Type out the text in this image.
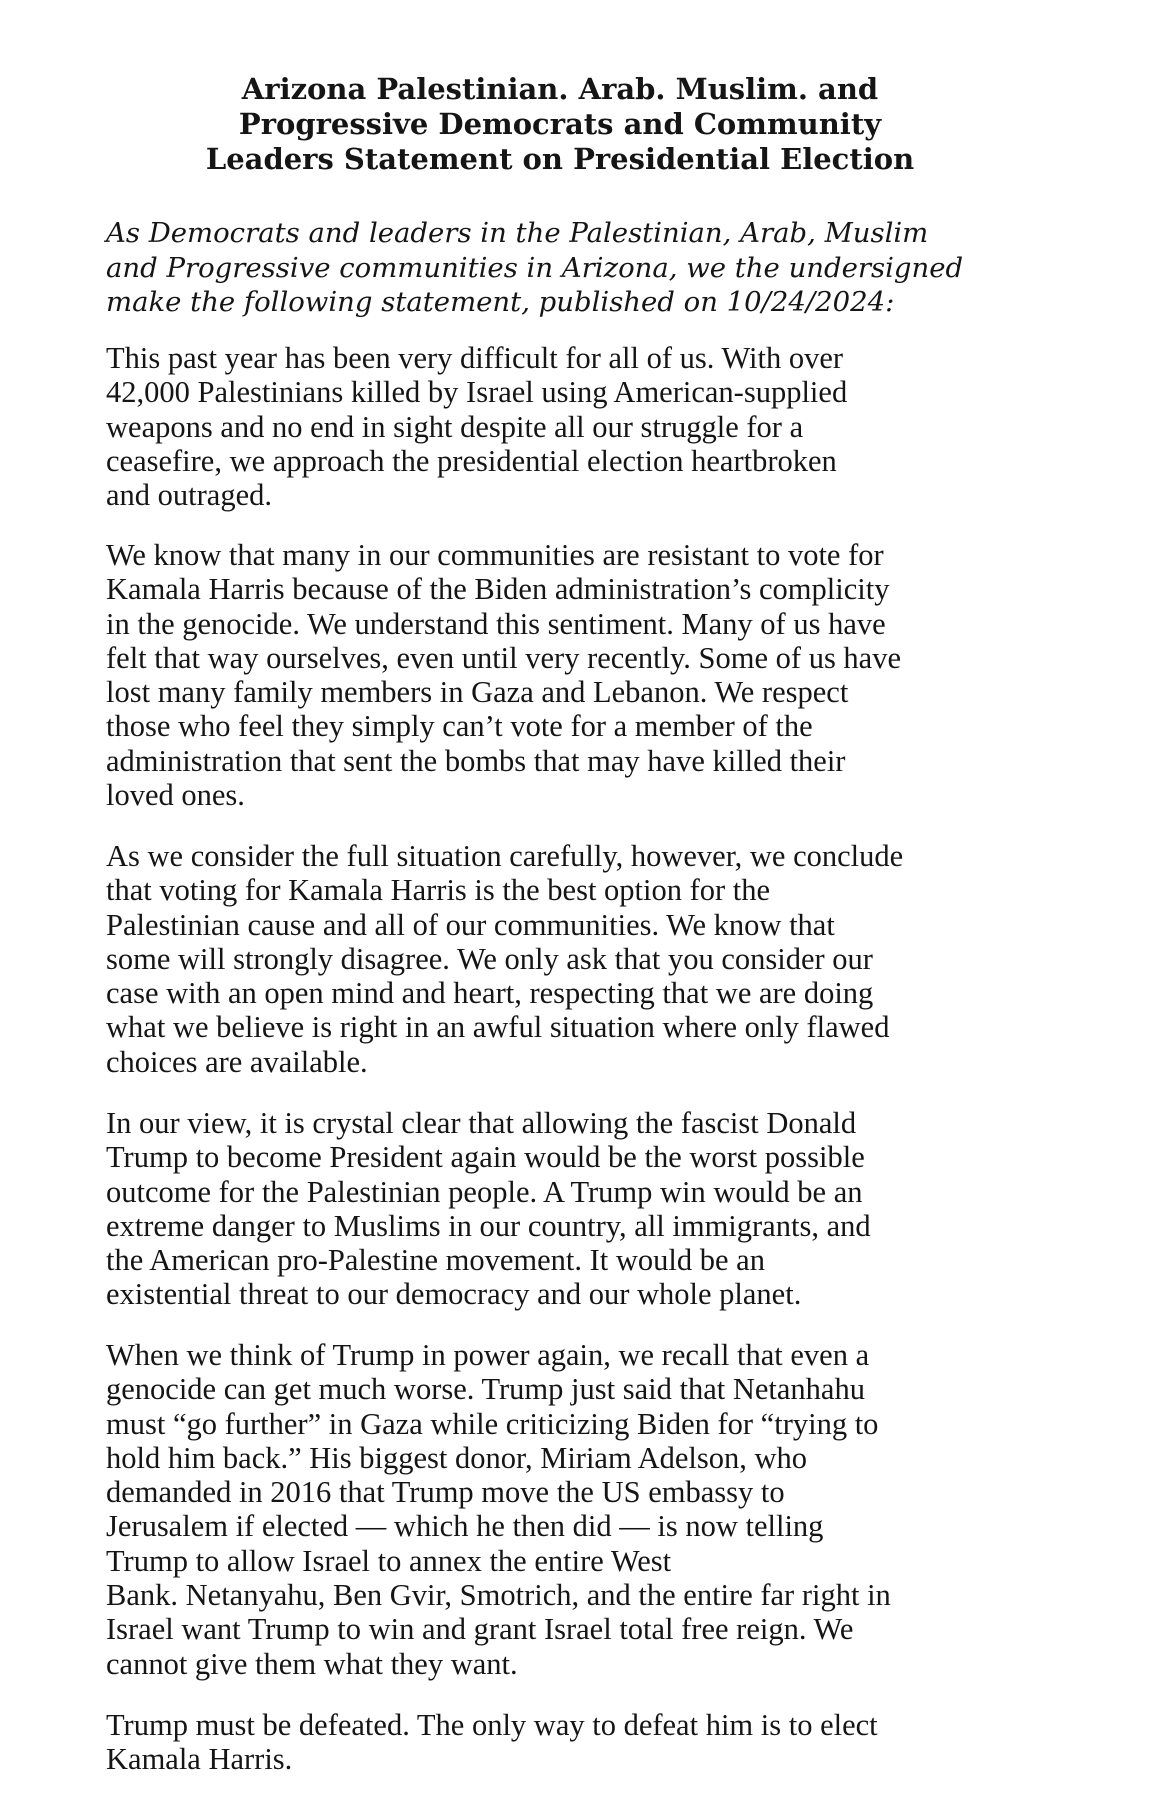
Arizona Palestinian. Arab. Muslim. and
Progressive Democrats and Community
Leaders Statement on Presidential Election

As Democrats and leaders in the Palestinian, Arab, Muslim
and Progressive communities in Arizona, we the undersigned
make the following statement, published on 10/24/2024:

This past year has been very difficult for all of us. With over
42,000 Palestinians killed by Israel using American-supplied
weapons and no end in sight despite all our struggle for a
ceasefire, we approach the presidential election heartbroken
and outraged.

We know that many in our communities are resistant to vote for
Kamala Harris because of the Biden administration’s complicity
in the genocide. We understand this sentiment. Many of us have
felt that way ourselves, even until very recently. Some of us have
lost many family members in Gaza and Lebanon. We respect
those who feel they simply can’t vote for a member of the
administration that sent the bombs that may have killed their
loved ones.

As we consider the full situation carefully, however, we conclude
that voting for Kamala Harris is the best option for the
Palestinian cause and all of our communities. We know that
some will strongly disagree. We only ask that you consider our
case with an open mind and heart, respecting that we are doing
what we believe is right in an awful situation where only flawed
choices are available.

In our view, it is crystal clear that allowing the fascist Donald
Trump to become President again would be the worst possible
outcome for the Palestinian people. A Trump win would be an
extreme danger to Muslims in our country, all immigrants, and
the American pro-Palestine movement. It would be an
existential threat to our democracy and our whole planet.

When we think of Trump in power again, we recall that even a
genocide can get much worse. Trump just said that Netanhahu
must “go further” in Gaza while criticizing Biden for “trying to
hold him back.” His biggest donor, Miriam Adelson, who
demanded in 2016 that Trump move the US embassy to
Jerusalem if elected –– which he then did –– is now telling
Trump to allow Israel to annex the entire West
Bank. Netanyahu, Ben Gvir, Smotrich, and the entire far right in
Israel want Trump to win and grant Israel total free reign. We
cannot give them what they want.

Trump must be defeated. The only way to defeat him is to elect
Kamala Harris.
